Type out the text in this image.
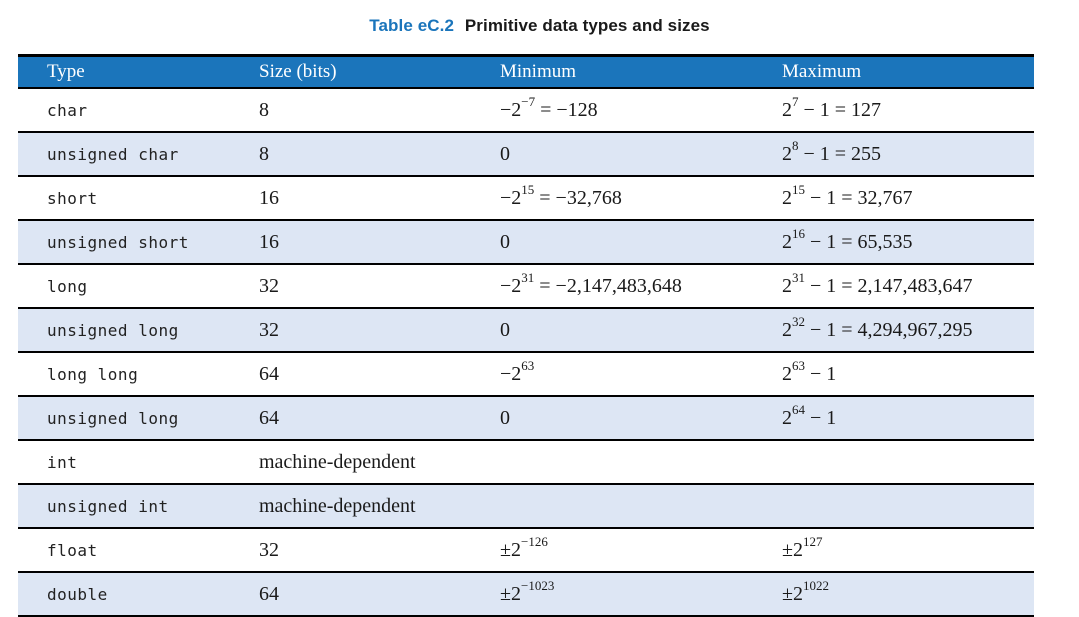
Table eC.2 Primitive data types and sizes
Type	Size (bits)	Minimum	Maximum
char	8	$-2^{-7} = -128$	$2^7 - 1 = 127$
unsigned char	8	0	$2^8 - 1 = 255$
short	16	$-2^{15} = -32,768$	$2^{15} - 1 = 32,767$
unsigned short	16	0	$2^{16} - 1 = 65,535$
long	32	$-2^{31} = -2,147,483,648$	$2^{31} - 1 = 2,147,483,647$
unsigned long	32	0	$2^{32} - 1 = 4,294,967,295$
long long	64	$-2^{63}$	$2^{63} - 1$
unsigned long	64	0	$2^{64} - 1$
int	machine-dependent
unsigned int	machine-dependent
float	32	$\pm 2^{-126}$	$\pm 2^{127}$
double	64	$\pm 2^{-1023}$	$\pm 2^{1022}$
